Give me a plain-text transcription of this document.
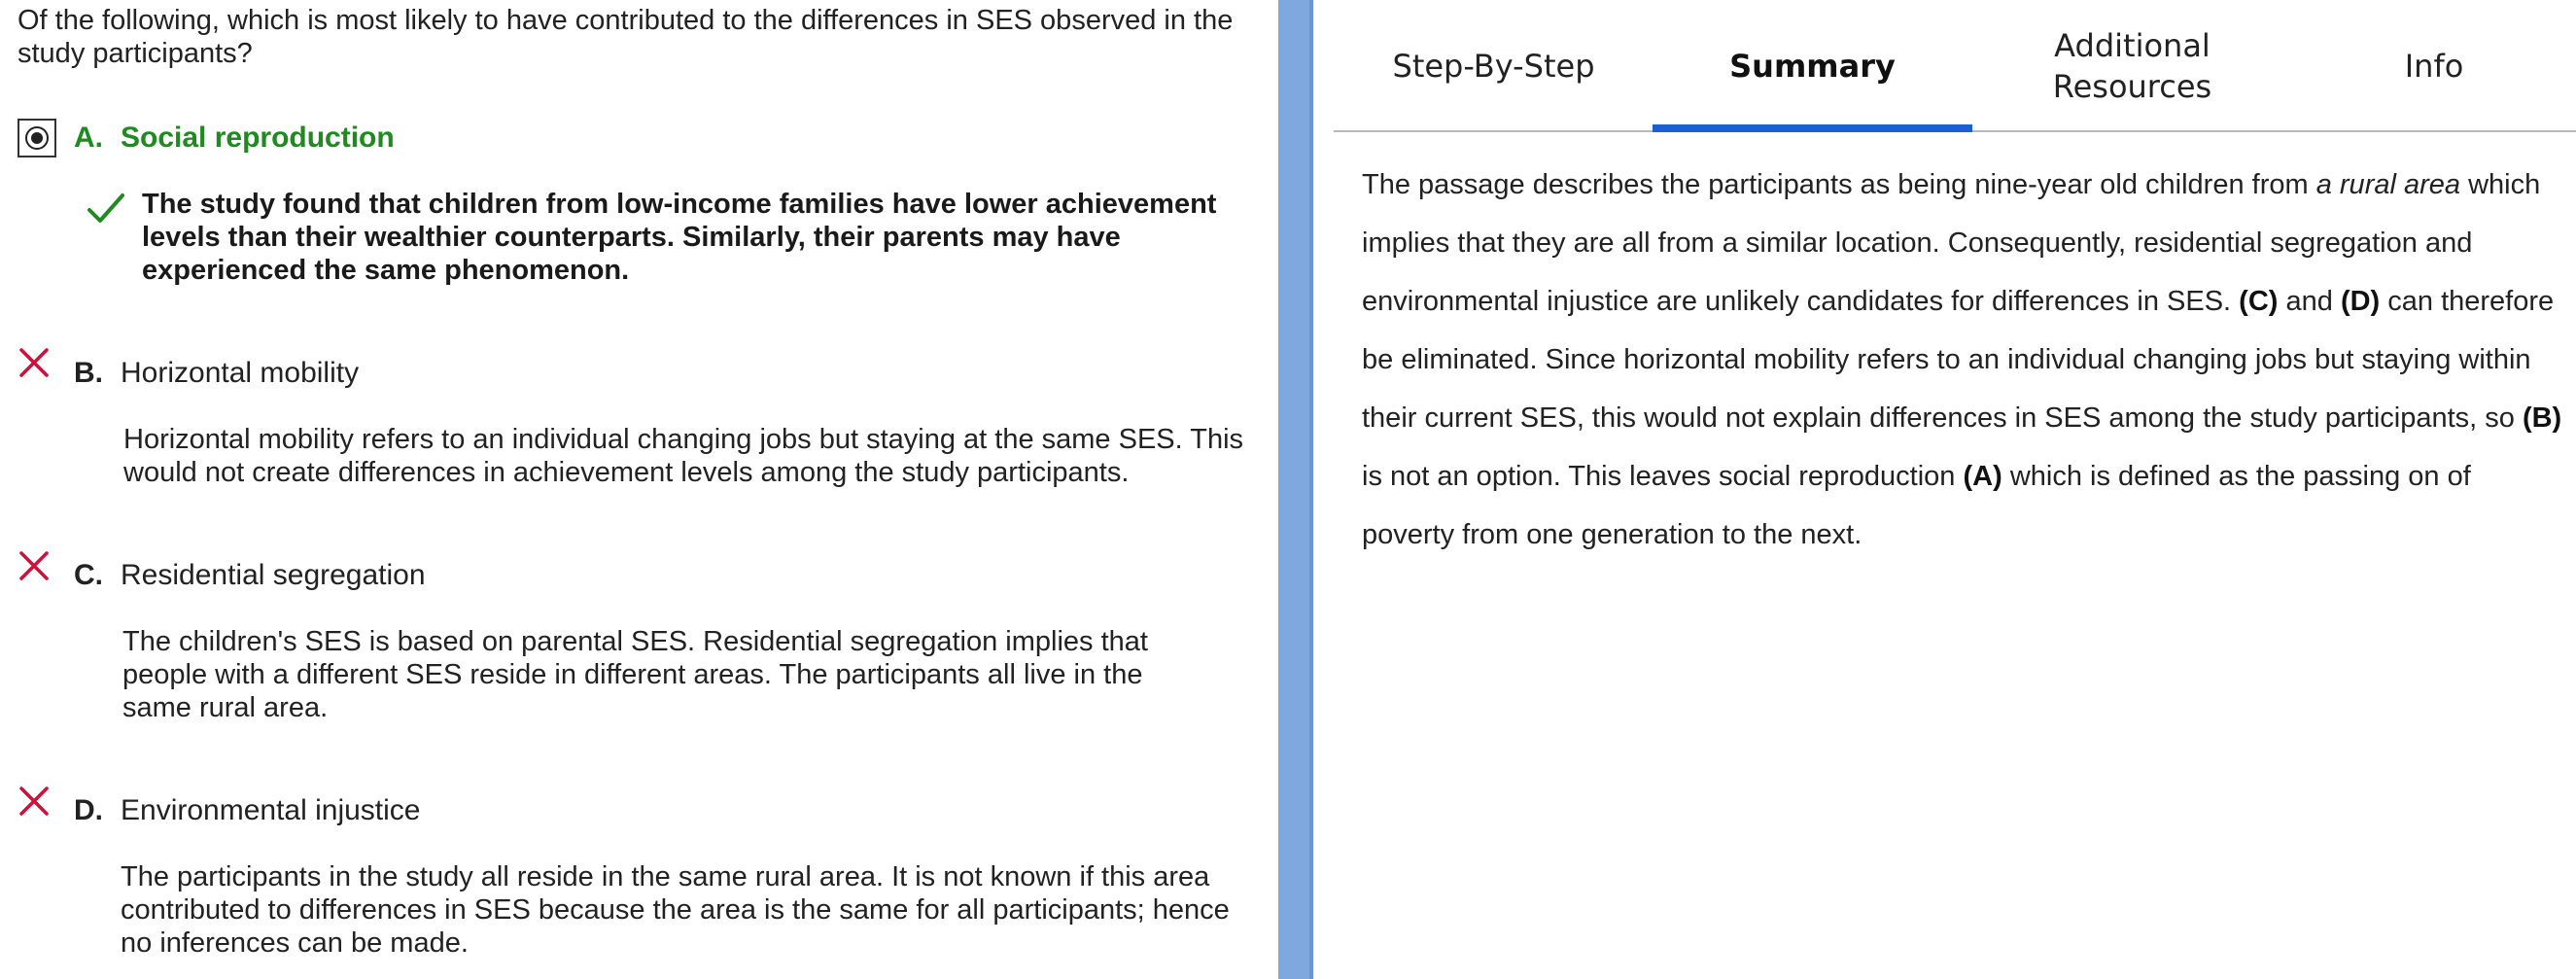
Of the following, which is most likely to have contributed to the differences in SES observed in the study participants?
A. Social reproduction
The study found that children from low-income families have lower achievement levels than their wealthier counterparts. Similarly, their parents may have experienced the same phenomenon.
B. Horizontal mobility
Horizontal mobility refers to an individual changing jobs but staying at the same SES. This would not create differences in achievement levels among the study participants.
C. Residential segregation
The children's SES is based on parental SES. Residential segregation implies that people with a different SES reside in different areas. The participants all live in the same rural area.
D. Environmental injustice
The participants in the study all reside in the same rural area. It is not known if this area contributed to differences in SES because the area is the same for all participants; hence no inferences can be made.
Step-By-Step	Summary
Additional Resources
Info
The passage describes the participants as being nine-year old children from a rural area which implies that they are all from a similar location. Consequently, residential segregation and environmental injustice are unlikely candidates for differences in SES. (C) and (D) can therefore be eliminated. Since horizontal mobility refers to an individual changing jobs but staying within their current SES, this would not explain differences in SES among the study participants, so (B) is not an option. This leaves social reproduction (A) which is defined as the passing on of poverty from one generation to the next.
